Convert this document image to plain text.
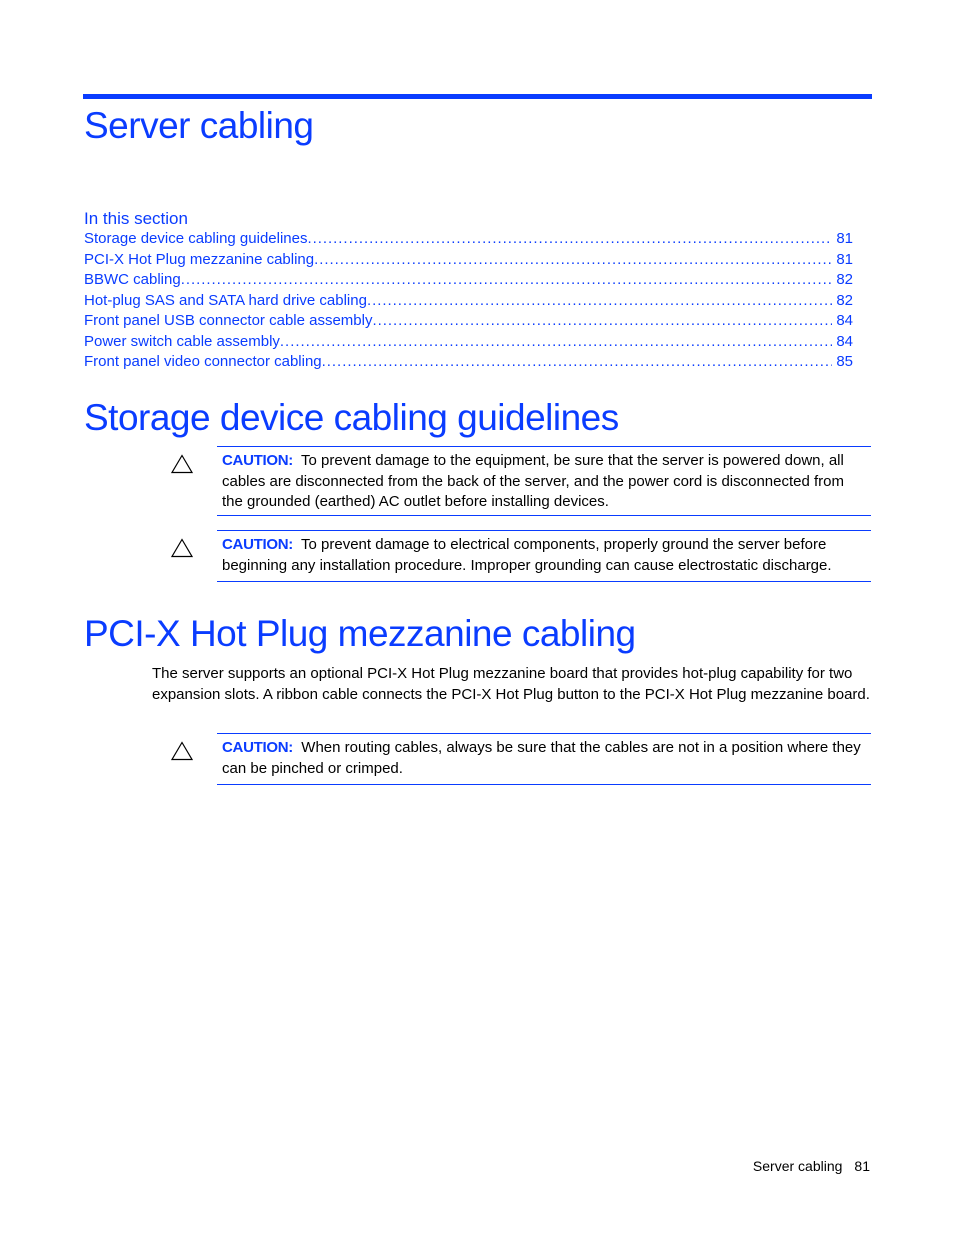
Server cabling
In this section
Storage device cabling guidelines . . .	81
PCI-X Hot Plug mezzanine cabling . . .	81
BBWC cabling . . .	82
Hot-plug SAS and SATA hard drive cabling . . .	82
Front panel USB connector cable assembly . . .	84
Power switch cable assembly . . .	84
Front panel video connector cabling . . .	85
Storage device cabling guidelines
CAUTION: To prevent damage to the equipment, be sure that the server is powered down, all cables are disconnected from the back of the server, and the power cord is disconnected from the grounded (earthed) AC outlet before installing devices.
CAUTION: To prevent damage to electrical components, properly ground the server before beginning any installation procedure. Improper grounding can cause electrostatic discharge.
PCI-X Hot Plug mezzanine cabling

The server supports an optional PCI-X Hot Plug mezzanine board that provides hot-plug capability for two expansion slots. A ribbon cable connects the PCI-X Hot Plug button to the PCI-X Hot Plug mezzanine board.

CAUTION: When routing cables, always be sure that the cables are not in a position where they can be pinched or crimped.
Server cabling 81
